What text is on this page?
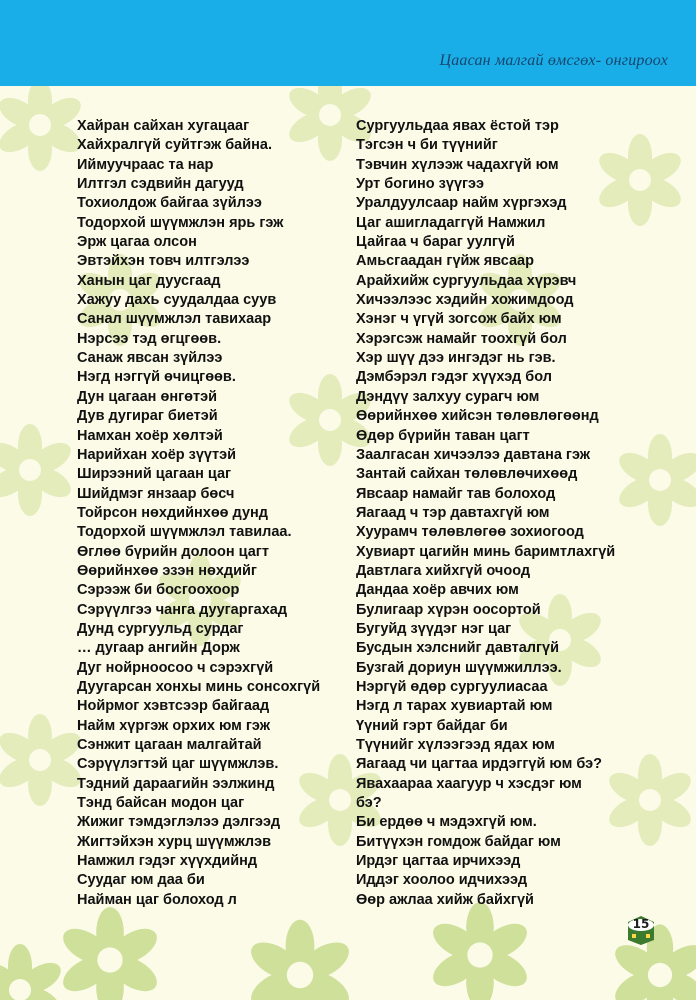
Цаасан малгай өмсгөх- онгироох
Хайран сайхан хугацааг
Хайхралгүй суйтгэж байна.
Иймуучраас та нар
Илтгэл сэдвийн дагууд
Тохиолдож байгаа зүйлээ
Тодорхой шүүмжлэн ярь гэж
Эрж цагаа олсон
Эвтэйхэн товч илтгэлээ
Ханын цаг дуусгаад
Хажуу дахь суудалдаа суув
Санал шүүмжлэл тавихаар
Нэрсээ тэд өгцгөөв.
Санаж явсан зүйлээ
Нэгд нэггүй өчицгөөв.
Дун цагаан өнгөтэй
Дув дугираг биетэй
Намхан хоёр хөлтэй
Нарийхан хоёр зүүтэй
Ширээний цагаан цаг
Шийдмэг янзаар бөсч
Тойрсон нөхдийнхөө дунд
Тодорхой шүүмжлэл тавилаа.
Өглөө бүрийн долоон цагт
Өөрийнхөө эзэн нөхдийг
Сэрээж би босгоохоор
Сэрүүлгээ чанга дуугаргахад
Дунд сургуульд сурдаг
… дугаар ангийн Дорж
Дуг нойрноосоо ч сэрэхгүй
Дуугарсан хонхы минь сонсохгүй
Нойрмог хэвтсээр байгаад
Найм хүргэж орхих юм гэж
Сэнжит цагаан малгайтай
Сэрүүлэгтэй цаг шүүмжлэв.
Тэдний дараагийн ээлжинд
Тэнд байсан модон цаг
Жижиг тэмдэглэлээ дэлгээд
Жигтэйхэн хурц шүүмжлэв
Намжил гэдэг хүүхдийнд
Суудаг юм даа би
Найман цаг болоход л
Сургуульдаа явах ёстой тэр
Тэгсэн ч би түүнийг
Тэвчин хүлээж чадахгүй юм
Урт богино зүүгээ
Уралдуулсаар найм хүргэхэд
Цаг ашигладаггүй Намжил
Цайгаа ч бараг уулгүй
Амьсгаадан гүйж явсаар
Арайхийж сургуульдаа хүрэвч
Хичээлээс хэдийн хожимдоод
Хэнэг ч үгүй зогсож байх юм
Хэрэгсэж намайг тоохгүй бол
Хэр шүү дээ ингэдэг нь гэв.
Дэмбэрэл гэдэг хүүхэд бол
Дэндүү залхуу сурагч юм
Өөрийнхөө хийсэн төлөвлөгөөнд
Өдөр бүрийн таван цагт
Заалгасан хичээлээ давтана гэж
Зантай сайхан төлөвлөчихөөд
Явсаар намайг тав болоход
Яагаад ч тэр давтахгүй юм
Хуурамч төлөвлөгөө зохиогоод
Хувиарт цагийн минь баримтлахгүй
Давтлага хийхгүй очоод
Дандаа хоёр авчих юм
Булигаар хүрэн оосортой
Бугуйд зүүдэг нэг цаг
Бусдын хэлснийг давталгүй
Бузгай дориун шүүмжиллээ.
Нэргүй өдөр сургуулиасаа
Нэгд л тарах хувиартай юм
Үүний гэрт байдаг би
Түүнийг хүлээгээд ядах юм
Яагаад чи цагтаа ирдэггүй юм бэ?
Явахаараа хаагуур ч хэсдэг юм
бэ?
Би ердөө ч мэдэхгүй юм.
Битүүхэн гомдож байдаг юм
Ирдэг цагтаа ирчихээд
Иддэг хоолоо идчихээд
Өөр ажлаа хийж байхгүй
15
